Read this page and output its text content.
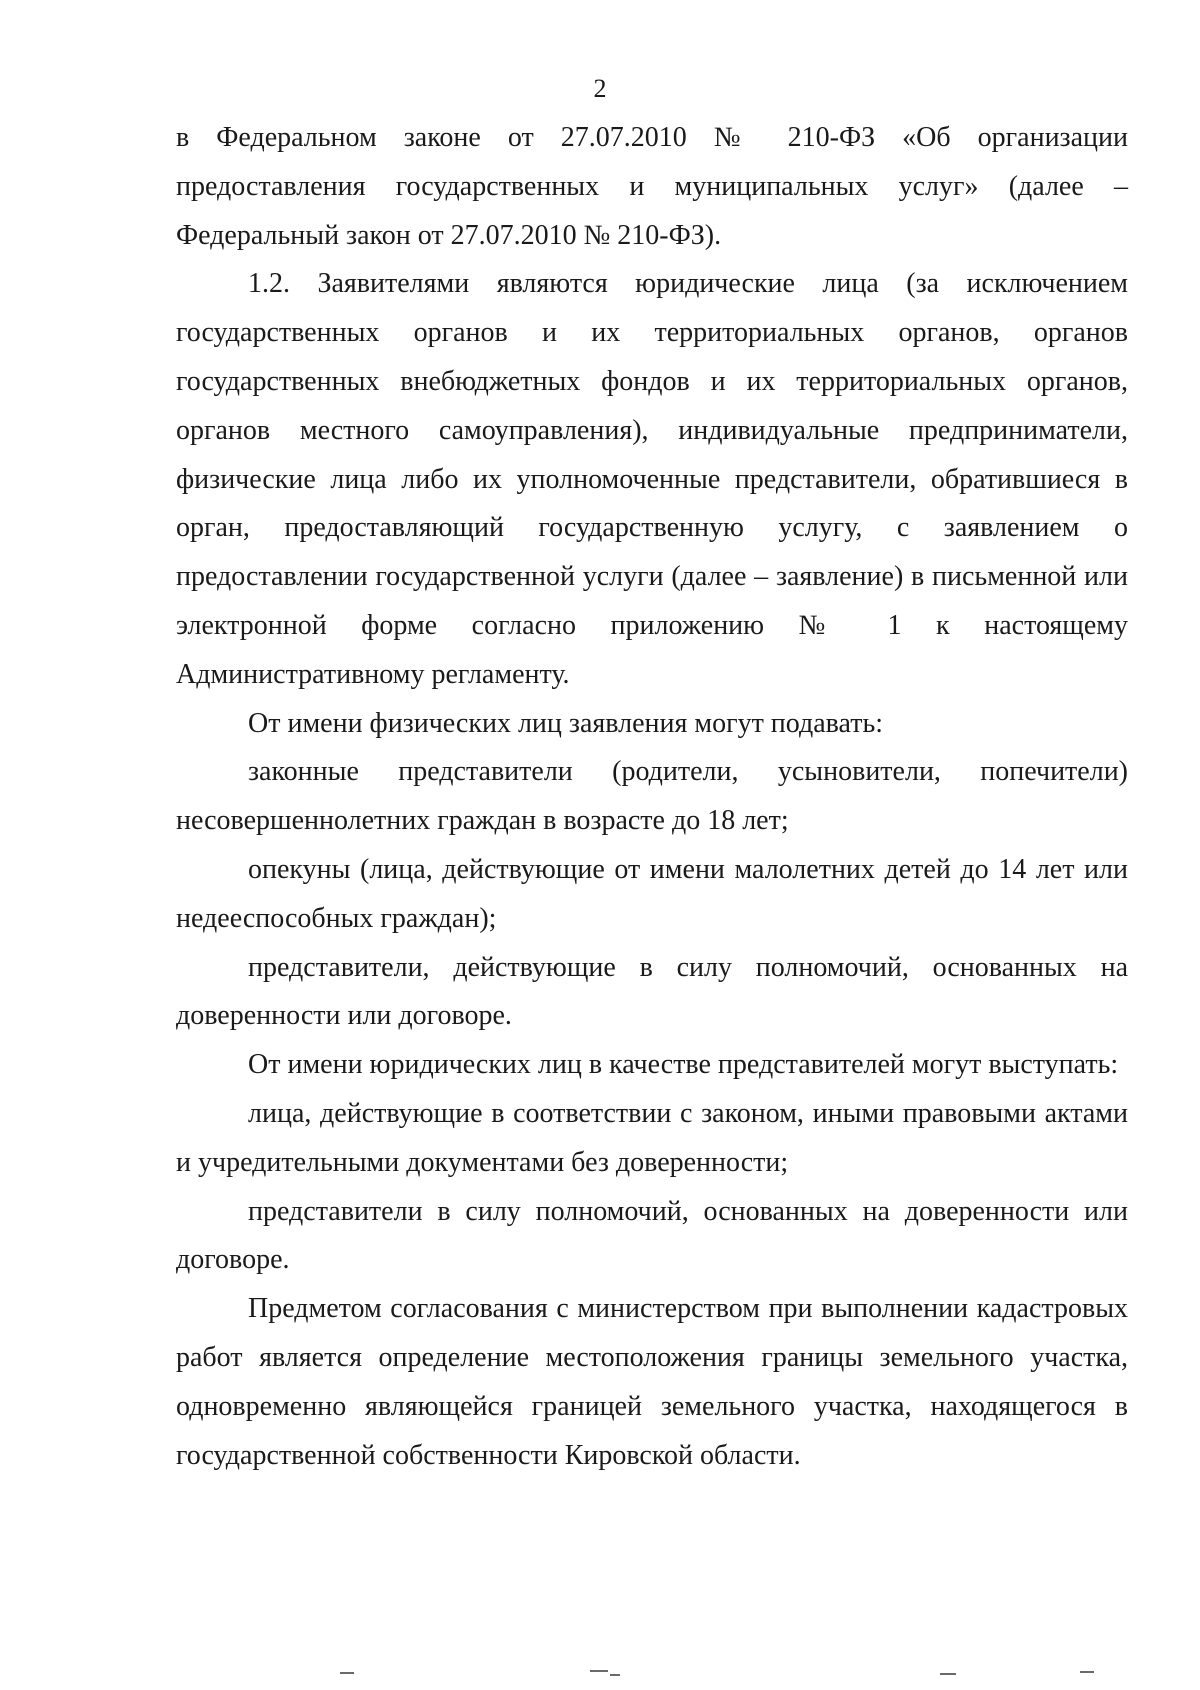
2

в Федеральном законе от 27.07.2010 № 210-ФЗ «Об организации предоставления государственных и муниципальных услуг» (далее – Федеральный закон от 27.07.2010 № 210-ФЗ).

1.2. Заявителями являются юридические лица (за исключением государственных органов и их территориальных органов, органов государственных внебюджетных фондов и их территориальных органов, органов местного самоуправления), индивидуальные предприниматели, физические лица либо их уполномоченные представители, обратившиеся в орган, предоставляющий государственную услугу, с заявлением о предоставлении государственной услуги (далее – заявление) в письменной или электронной форме согласно приложению № 1 к настоящему Административному регламенту.

От имени физических лиц заявления могут подавать:

законные представители (родители, усыновители, попечители) несовершеннолетних граждан в возрасте до 18 лет;

опекуны (лица, действующие от имени малолетних детей до 14 лет или недееспособных граждан);

представители, действующие в силу полномочий, основанных на доверенности или договоре.

От имени юридических лиц в качестве представителей могут выступать:

лица, действующие в соответствии с законом, иными правовыми актами и учредительными документами без доверенности;

представители в силу полномочий, основанных на доверенности или договоре.

Предметом согласования с министерством при выполнении кадастровых работ является определение местоположения границы земельного участка, одновременно являющейся границей земельного участка, находящегося в государственной собственности Кировской области.
